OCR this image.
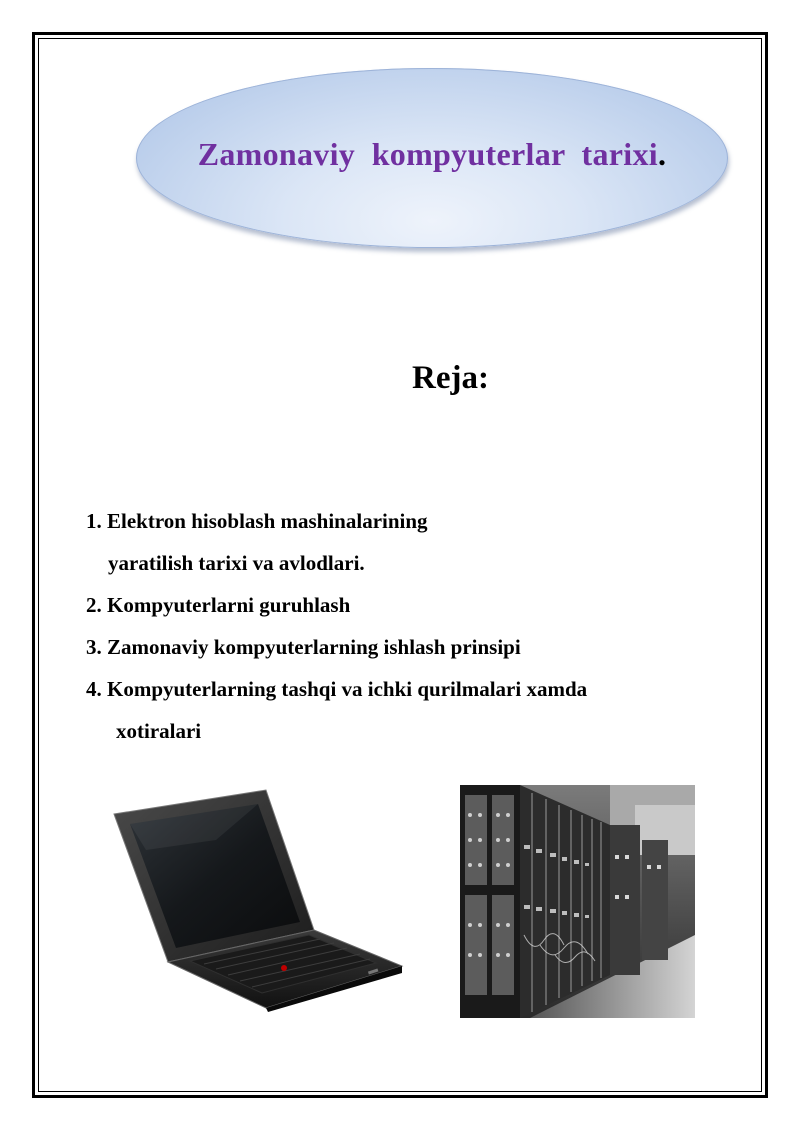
Zamonaviy  kompyuterlar  tarixi.
Reja:
1. Elektron hisoblash mashinalarining
yaratilish tarixi va avlodlari.
2. Kompyuterlarni guruhlash
3. Zamonaviy kompyuterlarning ishlash prinsipi
4. Kompyuterlarning tashqi va ichki qurilmalari xamda
xotiralari
